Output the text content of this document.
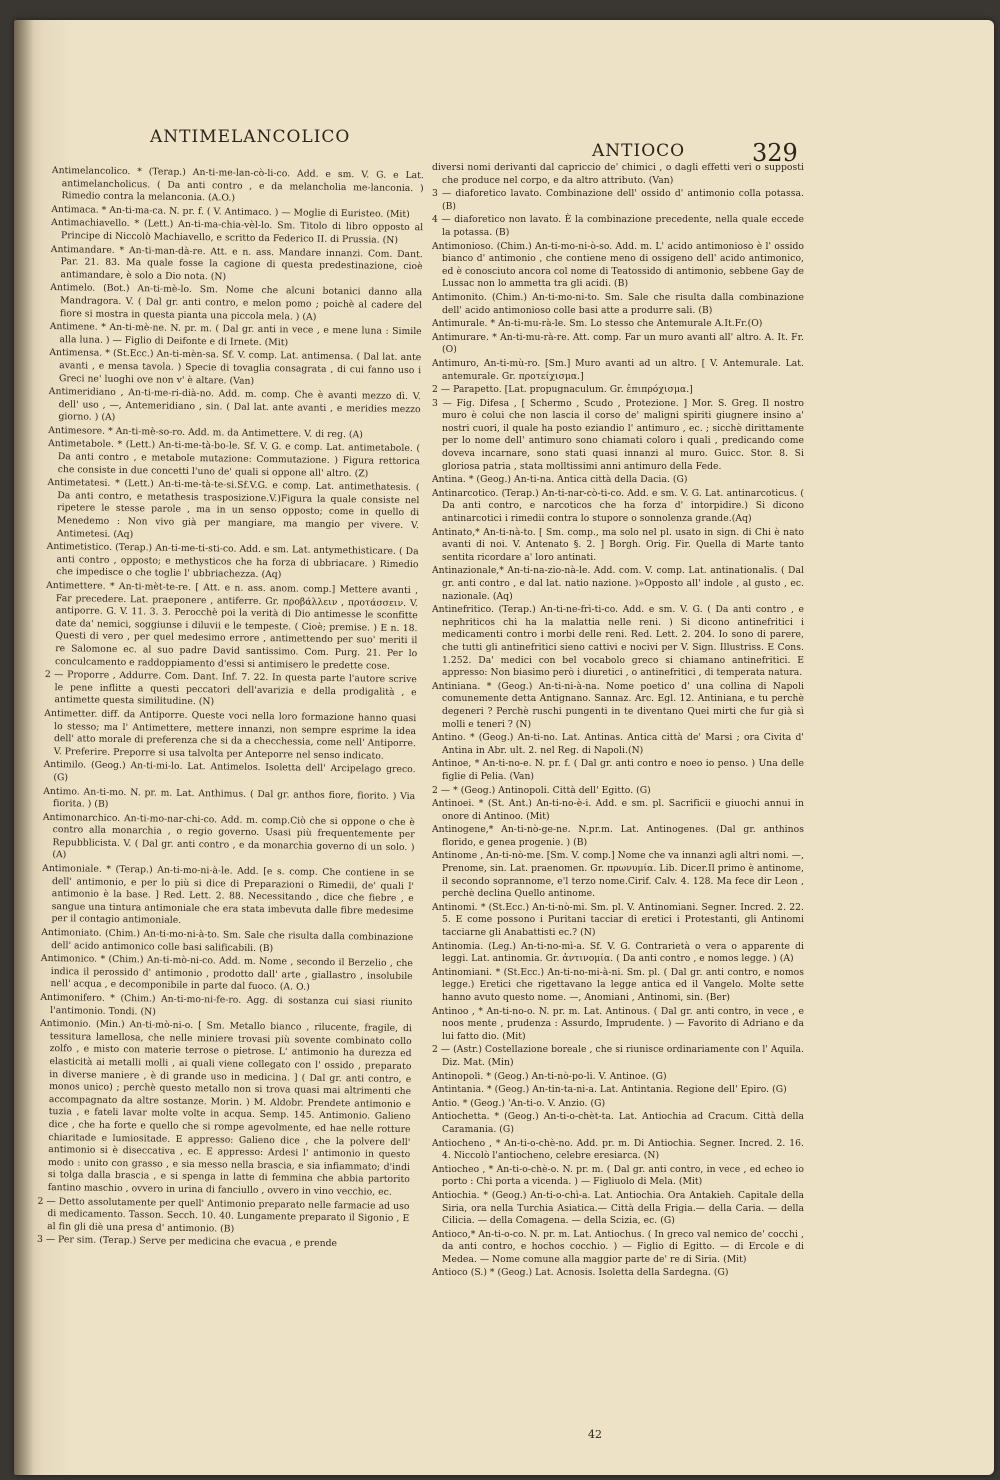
ANTIMELANCOLICO
ANTIOCO	329
Antimelancolico. * (Terap.) An-ti-me-lan-cò-li-co. Add. e sm. V. G. e Lat. antimelancholicus. ( Da anti contro , e da melancholia me-lanconia. ) Rimedio contra la melanconia. (A.O.)
Antimaca. * An-ti-ma-ca. N. pr. f. ( V. Antimaco. ) — Moglie di Euristeo. (Mit)
Antimachiavello. * (Lett.) An-ti-ma-chia-vèl-lo. Sm. Titolo di libro opposto al Principe di Niccolò Machiavello, e scritto da Federico II. di Prussia. (N)
Antimandare. * An-ti-man-dà-re. Att. e n. ass. Mandare innanzi. Com. Dant. Par. 21. 83. Ma quale fosse la cagione di questa predestinazione, cioè antimandare, è solo a Dio nota. (N)
Antimelo. (Bot.) An-ti-mè-lo. Sm. Nome che alcuni botanici danno alla Mandragora. V. ( Dal gr. anti contro, e melon pomo ; poichè al cadere del fiore si mostra in questa pianta una piccola mela. ) (A)
Antimene. * An-ti-mè-ne. N. pr. m. ( Dal gr. anti in vece , e mene luna : Simile alla luna. ) — Figlio di Deifonte e di Irnete. (Mit)
Antimensa. * (St.Ecc.) An-ti-mèn-sa. Sf. V. comp. Lat. antimensa. ( Dal lat. ante avanti , e mensa tavola. ) Specie di tovaglia consagrata , di cui fanno uso i Greci ne' luoghi ove non v' è altare. (Van)
Antimeridiano , An-ti-me-ri-dià-no. Add. m. comp. Che è avanti mezzo dì. V. dell' uso , —, Antemeridiano , sin. ( Dal lat. ante avanti , e meridies mezzo giorno. ) (A)
Antimesore. * An-ti-mè-so-ro. Add. m. da Antimettere. V. di reg. (A)
Antimetabole. * (Lett.) An-ti-me-tà-bo-le. Sf. V. G. e comp. Lat. antimetabole. ( Da anti contro , e metabole mutazione: Commutazione. ) Figura rettorica che consiste in due concetti l'uno de' quali si oppone all' altro. (Z)
Antimetatesi. * (Lett.) An-ti-me-tà-te-si.Sf.V.G. e comp. Lat. antimethatesis. ( Da anti contro, e metathesis trasposizione.V.)Figura la quale consiste nel ripetere le stesse parole , ma in un senso opposto; come in quello di Menedemo : Non vivo già per mangiare, ma mangio per vivere. V. Antimetesi. (Aq)
Antimetistico. (Terap.) An-ti-me-ti-sti-co. Add. e sm. Lat. antymethisticare. ( Da anti contro , opposto; e methysticos che ha forza di ubbriacare. ) Rimedio che impedisce o che toglie l' ubbriachezza. (Aq)
Antimettere. * An-ti-mèt-te-re. [ Att. e n. ass. anom. comp.] Mettere avanti , Far precedere. Lat. praeponere , antiferre. Gr. προβάλλειν , προτάσσειν. V. antiporre. G. V. 11. 3. 3. Perocchè poi la verità di Dio antimesse le sconfitte date da' nemici, soggiunse i diluvii e le tempeste. ( Cioè; premise. ) E n. 18. Questi di vero , per quel medesimo errore , antimettendo per suo' meriti il re Salomone ec. al suo padre David santissimo. Com. Purg. 21. Per lo conculcamento e raddoppiamento d'essi si antimisero le predette cose.
2 — Proporre , Addurre. Com. Dant. Inf. 7. 22. In questa parte l'autore scrive le pene inflitte a questi peccatori dell'avarizia e della prodigalità , e antimette questa similitudine. (N)
Antimetter. diff. da Antiporre. Queste voci nella loro formazione hanno quasi lo stesso; ma l' Antimettere, mettere innanzi, non sempre esprime la idea dell' atto morale di preferenza che si da a checchessia, come nell' Antiporre. V. Preferire. Preporre si usa talvolta per Anteporre nel senso indicato.
Antimilo. (Geog.) An-ti-mi-lo. Lat. Antimelos. Isoletta dell' Arcipelago greco. (G)
Antimo. An-ti-mo. N. pr. m. Lat. Anthimus. ( Dal gr. anthos fiore, fiorito. ) Via fiorita. ) (B)
Antimonarchico. An-ti-mo-nar-chi-co. Add. m. comp.Ciò che si oppone o che è contro alla monarchia , o regio governo. Usasi più frequentemente per Repubblicista. V. ( Dal gr. anti contro , e da monarchia governo di un solo. ) (A)
Antimoniale. * (Terap.) An-ti-mo-ni-à-le. Add. [e s. comp. Che contiene in se dell' antimonio, e per lo più si dice di Preparazioni o Rimedii, de' quali l' antimonio è la base. ] Red. Lett. 2. 88. Necessitando , dice che fiebre , e sangue una tintura antimoniale che era stata imbevuta dalle fibre medesime per il contagio antimoniale.
Antimoniato. (Chim.) An-ti-mo-ni-à-to. Sm. Sale che risulta dalla combinazione dell' acido antimonico colle basi salificabili. (B)
Antimonico. * (Chim.) An-ti-mò-ni-co. Add. m. Nome , secondo il Berzelio , che indica il perossido d' antimonio , prodotto dall' arte , giallastro , insolubile nell' acqua , e decomponibile in parte dal fuoco. (A. O.)
Antimonifero. * (Chim.) An-ti-mo-ni-fe-ro. Agg. di sostanza cui siasi riunito l'antimonio. Tondi. (N)
Antimonio. (Min.) An-ti-mò-ni-o. [ Sm. Metallo bianco , rilucente, fragile, di tessitura lamellosa, che nelle miniere trovasi più sovente combinato collo zolfo , e misto con materie terrose o pietrose. L' antimonio ha durezza ed elasticità ai metalli molli , ai quali viene collegato con l' ossido , preparato in diverse maniere , è di grande uso in medicina. ] ( Dal gr. anti contro, e monos unico) ; perchè questo metallo non si trova quasi mai altrimenti che accompagnato da altre sostanze. Morin. ) M. Aldobr. Prendete antimonio e tuzia , e fateli lavar molte volte in acqua. Semp. 145. Antimonio. Galieno dice , che ha forte e quello che si rompe agevolmente, ed hae nelle rotture chiaritade e lumiositade. E appresso: Galieno dice , che la polvere dell' antimonio si è diseccativa , ec. E appresso: Ardesi l' antimonio in questo modo : unito con grasso , e sia messo nella brascia, e sia infiammato; d'indi si tolga dalla brascia , e si spenga in latte di femmina che abbia partorito fantino maschio , ovvero in urina di fanciullo , ovvero in vino vecchio, ec.
2 — Detto assolutamente per quell' Antimonio preparato nelle farmacie ad uso di medicamento. Tasson. Secch. 10. 40. Lungamente preparato il Sigonio , E al fin gli diè una presa d' antimonio. (B)
3 — Per sim. (Terap.) Serve per medicina che evacua , e prende
diversi nomi derivanti dal capriccio de' chimici , o dagli effetti veri o supposti che produce nel corpo, e da altro attributo. (Van)
3 — diaforetico lavato. Combinazione dell' ossido d' antimonio colla potassa. (B)
4 — diaforetico non lavato. È la combinazione precedente, nella quale eccede la potassa. (B)
Antimonioso. (Chim.) An-ti-mo-ni-ò-so. Add. m. L' acido antimonioso è l' ossido bianco d' antimonio , che contiene meno di ossigeno dell' acido antimonico, ed è conosciuto ancora col nome di Teatossido di antimonio, sebbene Gay de Lussac non lo ammetta tra gli acidi. (B)
Antimonito. (Chim.) An-ti-mo-ni-to. Sm. Sale che risulta dalla combinazione dell' acido antimonioso colle basi atte a produrre sali. (B)
Antimurale. * An-ti-mu-rà-le. Sm. Lo stesso che Antemurale A.It.Fr.(O)
Antimurare. * An-ti-mu-rà-re. Att. comp. Far un muro avanti all' altro. A. It. Fr. (O)
Antimuro, An-ti-mù-ro. [Sm.] Muro avanti ad un altro. [ V. Antemurale. Lat. antemurale. Gr. προτείχισμα.]
2 — Parapetto. [Lat. propugnaculum. Gr. ἐπιπρόχισμα.]
3 — Fig. Difesa , [ Schermo , Scudo , Protezione. ] Mor. S. Greg. Il nostro muro è colui che non lascia il corso de' maligni spiriti giugnere insino a' nostri cuori, il quale ha posto eziandio l' antimuro , ec. ; sicchè dirittamente per lo nome dell' antimuro sono chiamati coloro i quali , predicando come doveva incarnare, sono stati quasi innanzi al muro. Guicc. Stor. 8. Si gloriosa patria , stata molltissimi anni antimuro della Fede.
Antina. * (Geog.) An-ti-na. Antica città della Dacia. (G)
Antinarcotico. (Terap.) An-ti-nar-cò-ti-co. Add. e sm. V. G. Lat. antinarcoticus. ( Da anti contro, e narcoticos che ha forza d' intorpidire.) Si dicono antinarcotici i rimedii contra lo stupore o sonnolenza grande.(Aq)
Antinato,* An-ti-nà-to. [ Sm. comp., ma solo nel pl. usato in sign. di Chi è nato avanti di noi. V. Antenato §. 2. ] Borgh. Orig. Fir. Quella di Marte tanto sentita ricordare a' loro antinati.
Antinazionale,* An-ti-na-zio-nà-le. Add. com. V. comp. Lat. antinationalis. ( Dal gr. anti contro , e dal lat. natio nazione. )»Opposto all' indole , al gusto , ec. nazionale. (Aq)
Antinefritico. (Terap.) An-ti-ne-frì-ti-co. Add. e sm. V. G. ( Da anti contro , e nephriticos chi ha la malattia nelle reni. ) Si dicono antinefritici i medicamenti contro i morbi delle reni. Red. Lett. 2. 204. Io sono di parere, che tutti gli antinefritici sieno cattivi e nocivi per V. Sign. Illustriss. E Cons. 1.252. Da' medici con bel vocabolo greco si chiamano antinefritici. E appresso: Non biasimo però i diuretici , o antinefritici , di temperata natura.
Antiniana. * (Geog.) An-ti-ni-à-na. Nome poetico d' una collina di Napoli comunemente detta Antignano. Sannaz. Arc. Egl. 12. Antiniana, e tu perchè degeneri ? Perchè ruschi pungenti in te diventano Quei mirti che fur già sì molli e teneri ? (N)
Antino. * (Geog.) An-ti-no. Lat. Antinas. Antica città de' Marsi ; ora Civita d' Antina in Abr. ult. 2. nel Reg. di Napoli.(N)
Antinoe, * An-ti-no-e. N. pr. f. ( Dal gr. anti contro e noeo io penso. ) Una delle figlie di Pelia. (Van)
2 — * (Geog.) Antinopoli. Città dell' Egitto. (G)
Antinoei. * (St. Ant.) An-ti-no-è-i. Add. e sm. pl. Sacrificii e giuochi annui in onore di Antinoo. (Mit)
Antinogene,* An-ti-nò-ge-ne. N.pr.m. Lat. Antinogenes. (Dal gr. anthinos florido, e genea progenie. ) (B)
Antinome , An-ti-nò-me. [Sm. V. comp.] Nome che va innanzi agli altri nomi. —, Prenome, sin. Lat. praenomen. Gr. πρωνυμία. Lib. Dicer.Il primo è antinome, il secondo soprannome, e'l terzo nome.Cirif. Calv. 4. 128. Ma fece dir Leon , perchè declina Quello antinome.
Antinomi. * (St.Ecc.) An-ti-nò-mi. Sm. pl. V. Antinomiani. Segner. Incred. 2. 22. 5. E come possono i Puritani tacciar di eretici i Protestanti, gli Antinomi tacciarne gli Anabattisti ec.? (N)
Antinomia. (Leg.) An-ti-no-mì-a. Sf. V. G. Contrarietà o vera o apparente di leggi. Lat. antinomia. Gr. ἀντινομία. ( Da anti contro , e nomos legge. ) (A)
Antinomiani. * (St.Ecc.) An-ti-no-mi-à-ni. Sm. pl. ( Dal gr. anti contro, e nomos legge.) Eretici che rigettavano la legge antica ed il Vangelo. Molte sette hanno avuto questo nome. —, Anomiani , Antinomi, sin. (Ber)
Antinoo , * An-ti-no-o. N. pr. m. Lat. Antinous. ( Dal gr. anti contro, in vece , e noos mente , prudenza : Assurdo, Imprudente. ) — Favorito di Adriano e da lui fatto dio. (Mit)
2 — (Astr.) Costellazione boreale , che si riunisce ordinariamente con l' Aquila. Diz. Mat. (Min)
Antinopoli. * (Geog.) An-ti-nò-po-li. V. Antinoe. (G)
Antintania. * (Geog.) An-tin-ta-ni-a. Lat. Antintania. Regione dell' Epiro. (G)
Antio. * (Geog.) 'An-ti-o. V. Anzio. (G)
Antiochetta. * (Geog.) An-ti-o-chèt-ta. Lat. Antiochia ad Cracum. Città della Caramania. (G)
Antiocheno , * An-ti-o-chè-no. Add. pr. m. Di Antiochia. Segner. Incred. 2. 16. 4. Niccolò l'antiocheno, celebre eresiarca. (N)
Antiocheo , * An-ti-o-chè-o. N. pr. m. ( Dal gr. anti contro, in vece , ed echeo io porto : Chi porta a vicenda. ) — Figliuolo di Mela. (Mit)
Antiochia. * (Geog.) An-ti-o-chì-a. Lat. Antiochia. Ora Antakieh. Capitale della Siria, ora nella Turchia Asiatica.— Città della Frigia.— della Caria. — della Cilicia. — della Comagena. — della Scizia, ec. (G)
Antioco,* An-ti-o-co. N. pr. m. Lat. Antiochus. ( In greco val nemico de' cocchi , da anti contro, e hochos cocchio. ) — Figlio di Egitto. — di Ercole e di Medea. — Nome comune alla maggior parte de' re di Siria. (Mit)
Antioco (S.) * (Geog.) Lat. Acnosis. Isoletta della Sardegna. (G)
42
